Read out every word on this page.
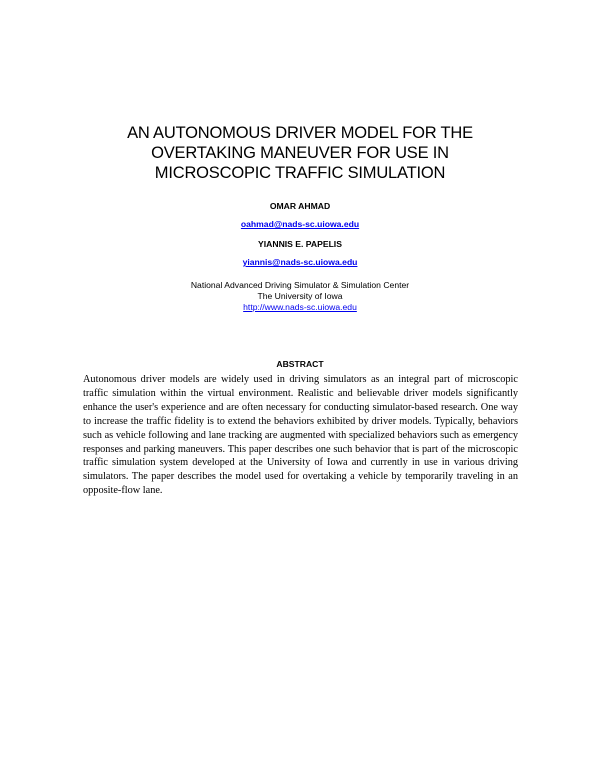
AN AUTONOMOUS DRIVER MODEL FOR THE
OVERTAKING MANEUVER FOR USE IN
MICROSCOPIC TRAFFIC SIMULATION
OMAR AHMAD
oahmad@nads-sc.uiowa.edu
YIANNIS E. PAPELIS
yiannis@nads-sc.uiowa.edu
National Advanced Driving Simulator & Simulation Center
The University of Iowa
http://www.nads-sc.uiowa.edu
ABSTRACT
Autonomous driver models are widely used in driving simulators as an integral part of microscopic traffic simulation within the virtual environment. Realistic and believable driver models significantly enhance the user's experience and are often necessary for conducting simulator-based research. One way to increase the traffic fidelity is to extend the behaviors exhibited by driver models. Typically, behaviors such as vehicle following and lane tracking are augmented with specialized behaviors such as emergency responses and parking maneuvers. This paper describes one such behavior that is part of the microscopic traffic simulation system developed at the University of Iowa and currently in use in various driving simulators. The paper describes the model used for overtaking a vehicle by temporarily traveling in an opposite-flow lane.
